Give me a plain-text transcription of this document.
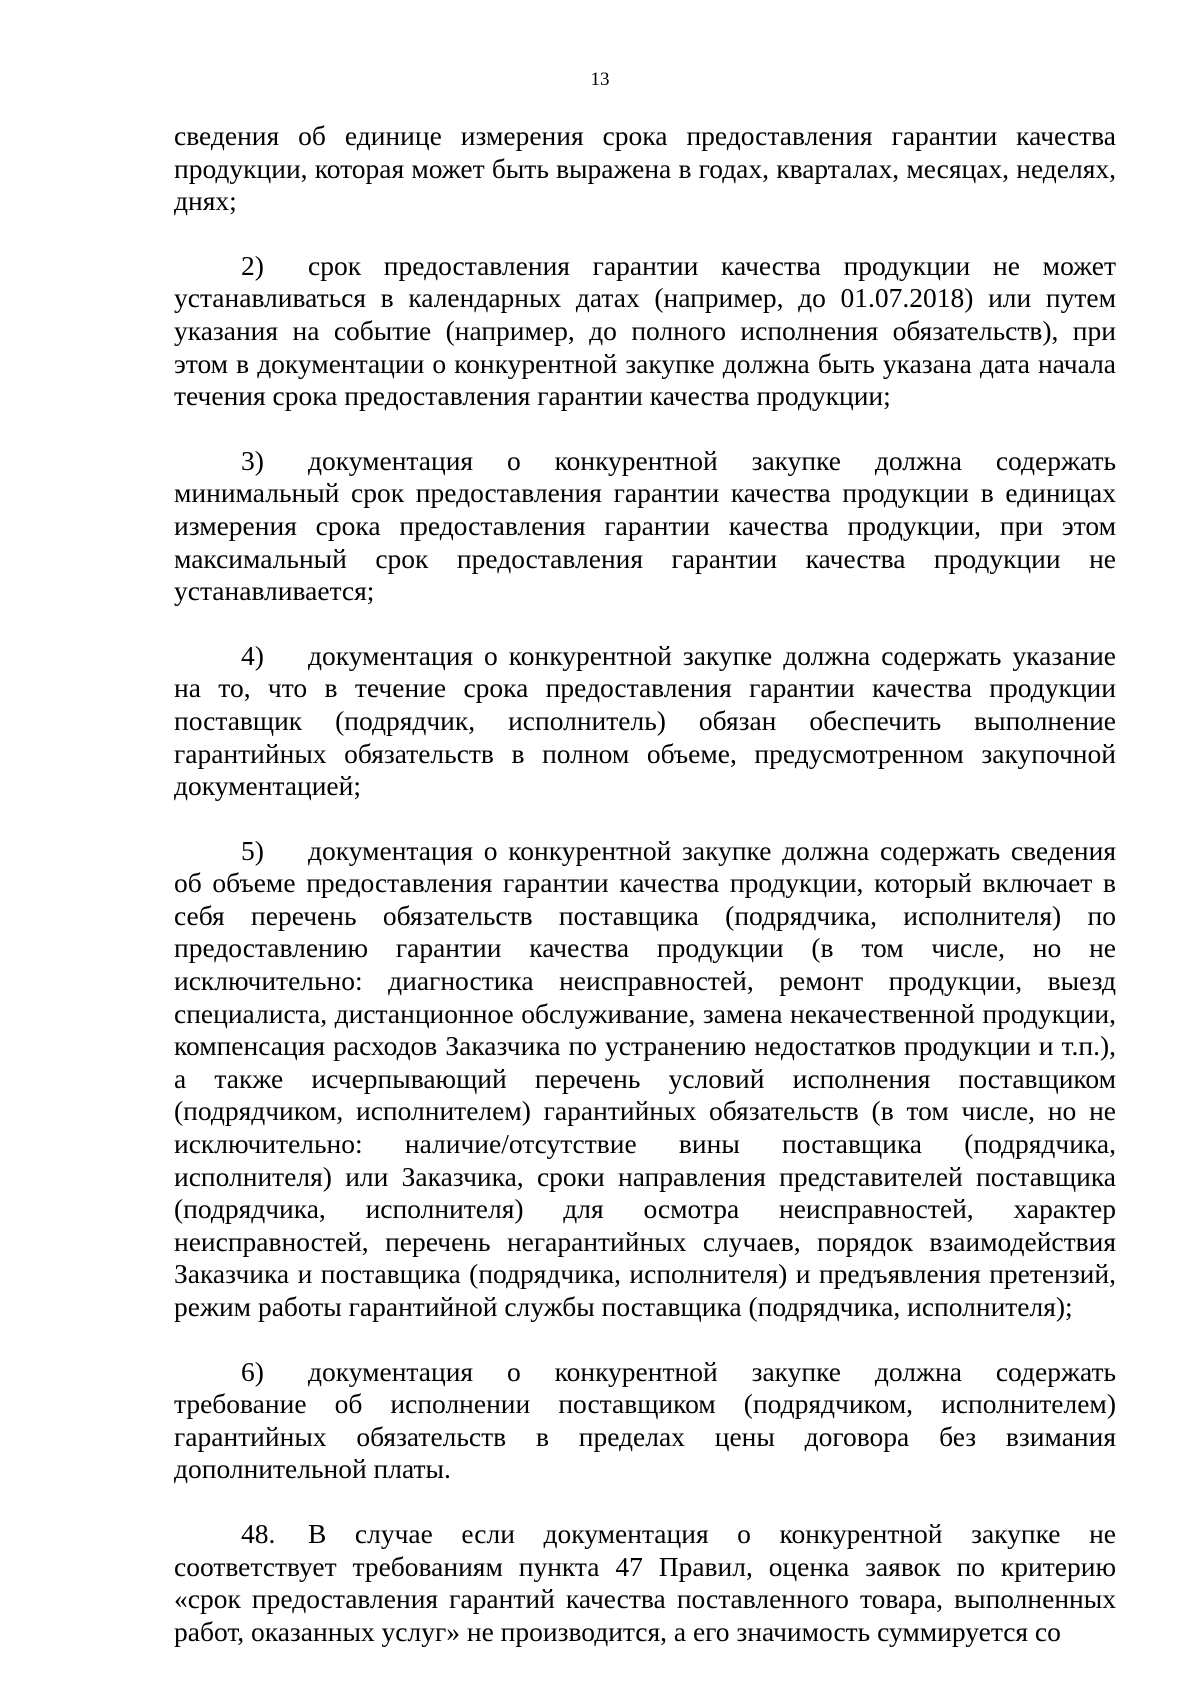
13

сведения об единице измерения срока предоставления гарантии качества продукции, которая может быть выражена в годах, кварталах, месяцах, неделях, днях;

2) срок предоставления гарантии качества продукции не может устанавливаться в календарных датах (например, до 01.07.2018) или путем указания на событие (например, до полного исполнения обязательств), при этом в документации о конкурентной закупке должна быть указана дата начала течения срока предоставления гарантии качества продукции;

3) документация о конкурентной закупке должна содержать минимальный срок предоставления гарантии качества продукции в единицах измерения срока предоставления гарантии качества продукции, при этом максимальный срок предоставления гарантии качества продукции не устанавливается;

4) документация о конкурентной закупке должна содержать указание на то, что в течение срока предоставления гарантии качества продукции поставщик (подрядчик, исполнитель) обязан обеспечить выполнение гарантийных обязательств в полном объеме, предусмотренном закупочной документацией;

5) документация о конкурентной закупке должна содержать сведения об объеме предоставления гарантии качества продукции, который включает в себя перечень обязательств поставщика (подрядчика, исполнителя) по предоставлению гарантии качества продукции (в том числе, но не исключительно: диагностика неисправностей, ремонт продукции, выезд специалиста, дистанционное обслуживание, замена некачественной продукции, компенсация расходов Заказчика по устранению недостатков продукции и т.п.), а также исчерпывающий перечень условий исполнения поставщиком (подрядчиком, исполнителем) гарантийных обязательств (в том числе, но не исключительно: наличие/отсутствие вины поставщика (подрядчика, исполнителя) или Заказчика, сроки направления представителей поставщика (подрядчика, исполнителя) для осмотра неисправностей, характер неисправностей, перечень негарантийных случаев, порядок взаимодействия Заказчика и поставщика (подрядчика, исполнителя) и предъявления претензий, режим работы гарантийной службы поставщика (подрядчика, исполнителя);

6) документация о конкурентной закупке должна содержать требование об исполнении поставщиком (подрядчиком, исполнителем) гарантийных обязательств в пределах цены договора без взимания дополнительной платы.

48. В случае если документация о конкурентной закупке не соответствует требованиям пункта 47 Правил, оценка заявок по критерию «срок предоставления гарантий качества поставленного товара, выполненных работ, оказанных услуг» не производится, а его значимость суммируется со
